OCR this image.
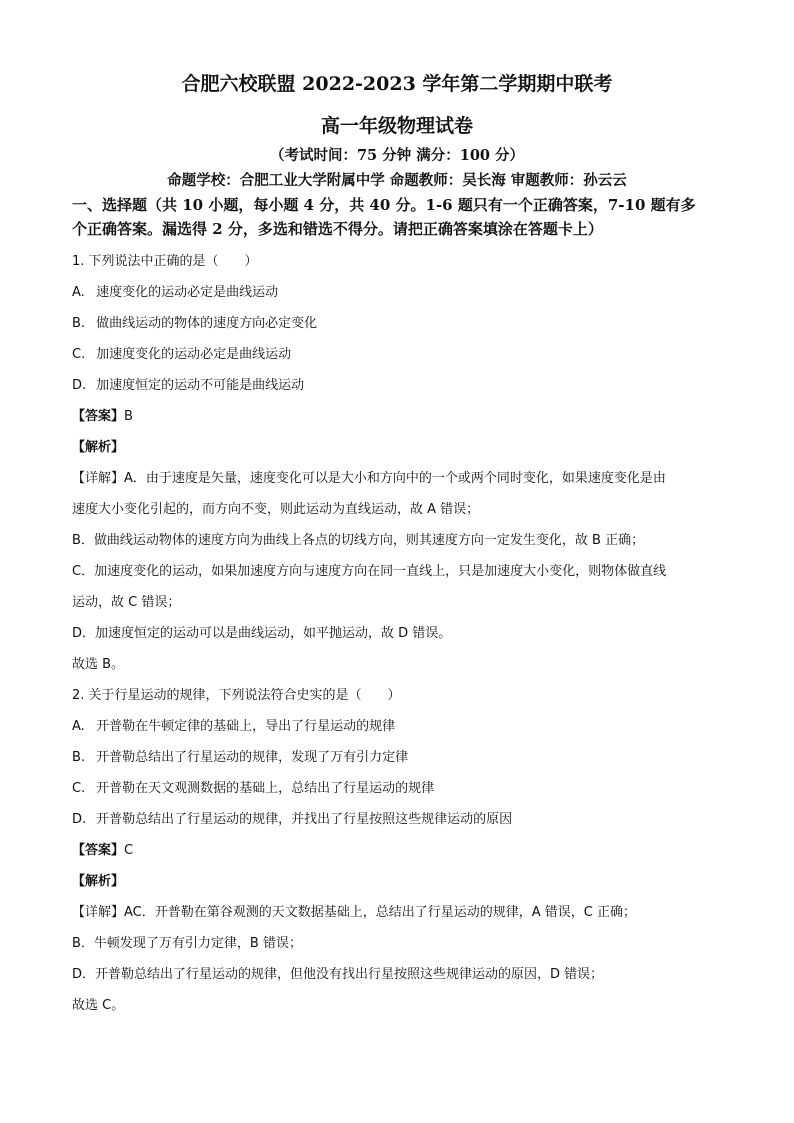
合肥六校联盟 2022-2023 学年第二学期期中联考
高一年级物理试卷
（考试时间：75 分钟 满分：100 分）
命题学校：合肥工业大学附属中学 命题教师：吴长海 审题教师：孙云云
一、选择题（共 10 小题，每小题 4 分，共 40 分。1-6 题只有一个正确答案，7-10 题有多
个正确答案。漏选得 2 分，多选和错选不得分。请把正确答案填涂在答题卡上）
1. 下列说法中正确的是（　　）
A. 速度变化的运动必定是曲线运动
B. 做曲线运动的物体的速度方向必定变化
C. 加速度变化的运动必定是曲线运动
D. 加速度恒定的运动不可能是曲线运动
【答案】B
【解析】
【详解】A．由于速度是矢量，速度变化可以是大小和方向中的一个或两个同时变化，如果速度变化是由
速度大小变化引起的，而方向不变，则此运动为直线运动，故 A 错误；
B．做曲线运动物体的速度方向为曲线上各点的切线方向，则其速度方向一定发生变化，故 B 正确；
C．加速度变化的运动，如果加速度方向与速度方向在同一直线上，只是加速度大小变化，则物体做直线
运动，故 C 错误；
D．加速度恒定的运动可以是曲线运动，如平抛运动，故 D 错误。
故选 B。
2. 关于行星运动的规律，下列说法符合史实的是（　　）
A. 开普勒在牛顿定律的基础上，导出了行星运动的规律
B. 开普勒总结出了行星运动的规律，发现了万有引力定律
C. 开普勒在天文观测数据的基础上，总结出了行星运动的规律
D. 开普勒总结出了行星运动的规律，并找出了行星按照这些规律运动的原因
【答案】C
【解析】
【详解】AC．开普勒在第谷观测的天文数据基础上，总结出了行星运动的规律，A 错误，C 正确；
B．牛顿发现了万有引力定律，B 错误；
D．开普勒总结出了行星运动的规律，但他没有找出行星按照这些规律运动的原因，D 错误；
故选 C。
